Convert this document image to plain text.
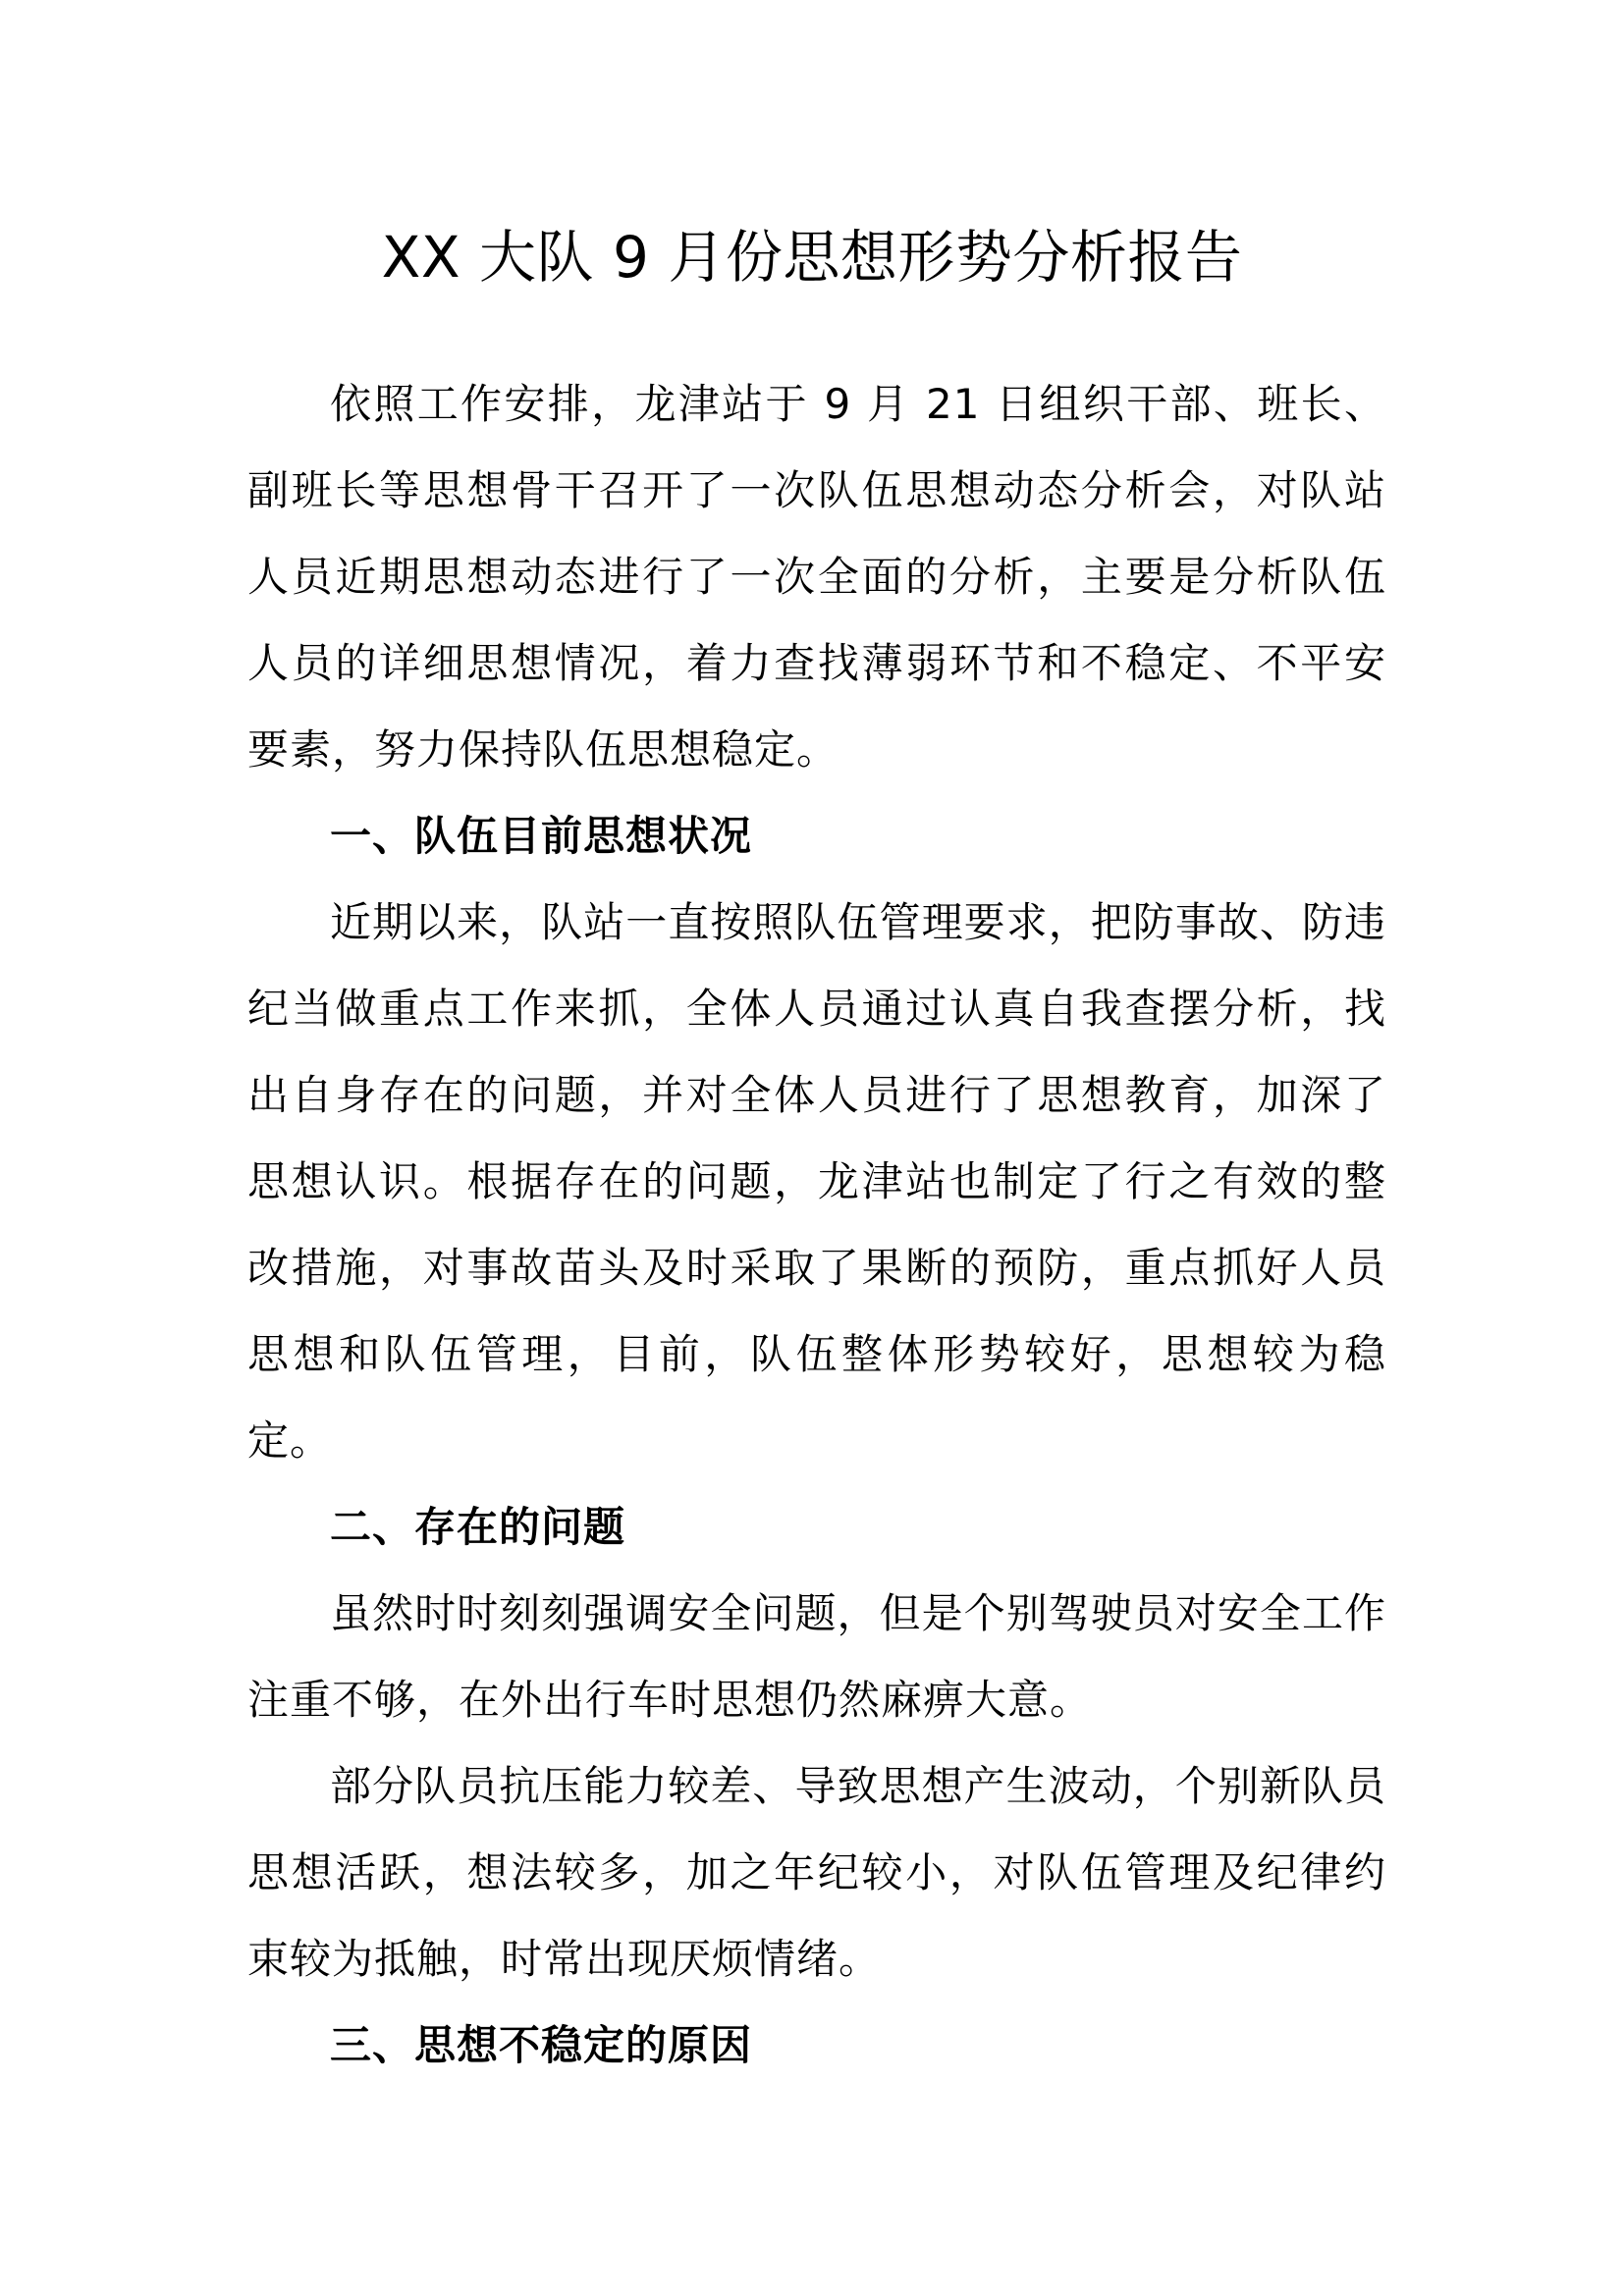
XX 大队 9 月份思想形势分析报告

依照工作安排，龙津站于 9 月 21 日组织干部、班长、副班长等思想骨干召开了一次队伍思想动态分析会，对队站人员近期思想动态进行了一次全面的分析，主要是分析队伍人员的详细思想情况，着力查找薄弱环节和不稳定、不平安要素，努力保持队伍思想稳定。

一、队伍目前思想状况

近期以来，队站一直按照队伍管理要求，把防事故、防违纪当做重点工作来抓，全体人员通过认真自我查摆分析，找出自身存在的问题，并对全体人员进行了思想教育，加深了思想认识。根据存在的问题，龙津站也制定了行之有效的整改措施，对事故苗头及时采取了果断的预防，重点抓好人员思想和队伍管理，目前，队伍整体形势较好，思想较为稳定。

二、存在的问题

虽然时时刻刻强调安全问题，但是个别驾驶员对安全工作注重不够，在外出行车时思想仍然麻痹大意。

部分队员抗压能力较差、导致思想产生波动，个别新队员思想活跃，想法较多，加之年纪较小，对队伍管理及纪律约束较为抵触，时常出现厌烦情绪。

三、思想不稳定的原因
